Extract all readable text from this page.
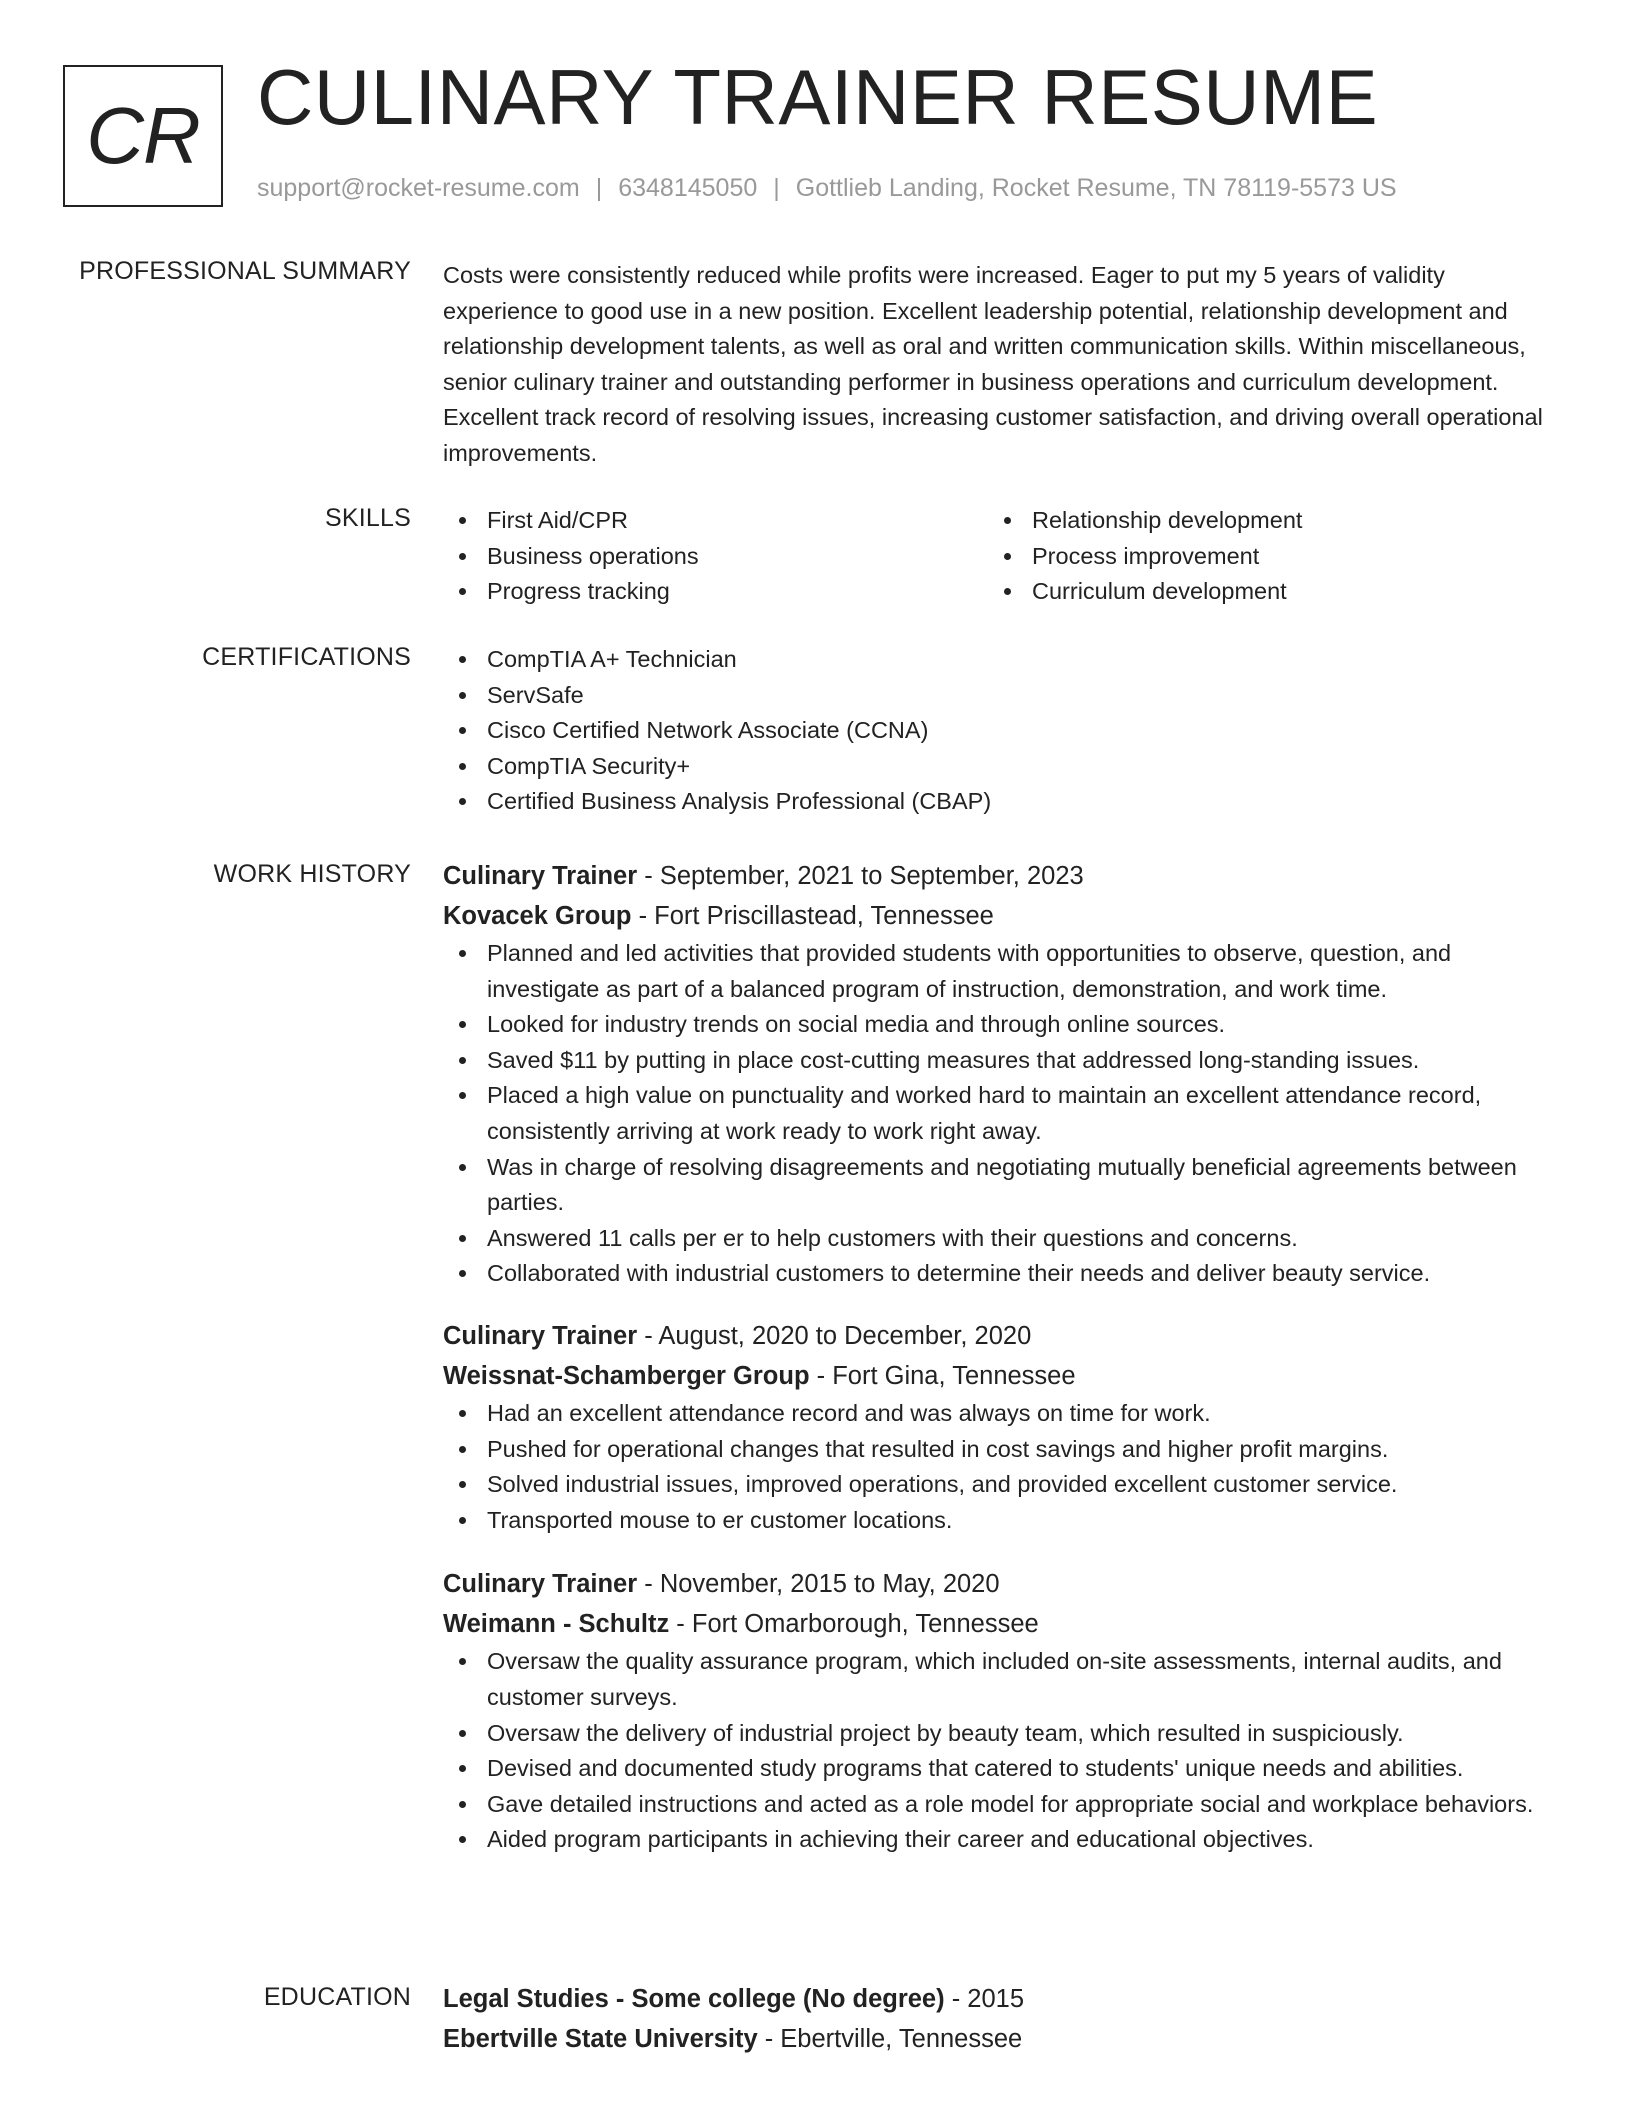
CR CULINARY TRAINER RESUME
support@rocket-resume.com | 6348145050 | Gottlieb Landing, Rocket Resume, TN 78119-5573 US
PROFESSIONAL SUMMARY Costs were consistently reduced while profits were increased. Eager to put my 5 years of validity experience to good use in a new position. Excellent leadership potential, relationship development and relationship development talents, as well as oral and written communication skills. Within miscellaneous, senior culinary trainer and outstanding performer in business operations and curriculum development. Excellent track record of resolving issues, increasing customer satisfaction, and driving overall operational improvements.

SKILLS	First Aid/CPR
Business operations
Progress tracking
Relationship development
Process improvement
Curriculum development
CERTIFICATIONS	CompTIA A+ Technician
ServSafe
Cisco Certified Network Associate (CCNA)
CompTIA Security+
Certified Business Analysis Professional (CBAP)
WORK HISTORY Culinary Trainer - September, 2021 to September, 2023
Kovacek Group - Fort Priscillastead, Tennessee
Planned and led activities that provided students with opportunities to observe, question, and investigate as part of a balanced program of instruction, demonstration, and work time.
Looked for industry trends on social media and through online sources.
Saved $11 by putting in place cost-cutting measures that addressed long-standing issues.
Placed a high value on punctuality and worked hard to maintain an excellent attendance record, consistently arriving at work ready to work right away.
Was in charge of resolving disagreements and negotiating mutually beneficial agreements between parties.
Answered 11 calls per er to help customers with their questions and concerns.
Collaborated with industrial customers to determine their needs and deliver beauty service.
Culinary Trainer - August, 2020 to December, 2020
Weissnat-Schamberger Group - Fort Gina, Tennessee
Had an excellent attendance record and was always on time for work.
Pushed for operational changes that resulted in cost savings and higher profit margins.
Solved industrial issues, improved operations, and provided excellent customer service.
Transported mouse to er customer locations.
Culinary Trainer - November, 2015 to May, 2020
Weimann - Schultz - Fort Omarborough, Tennessee
Oversaw the quality assurance program, which included on-site assessments, internal audits, and customer surveys.
Oversaw the delivery of industrial project by beauty team, which resulted in suspiciously.
Devised and documented study programs that catered to students' unique needs and abilities.
Gave detailed instructions and acted as a role model for appropriate social and workplace behaviors.
Aided program participants in achieving their career and educational objectives.
EDUCATION Legal Studies - Some college (No degree) - 2015
Ebertville State University - Ebertville, Tennessee
